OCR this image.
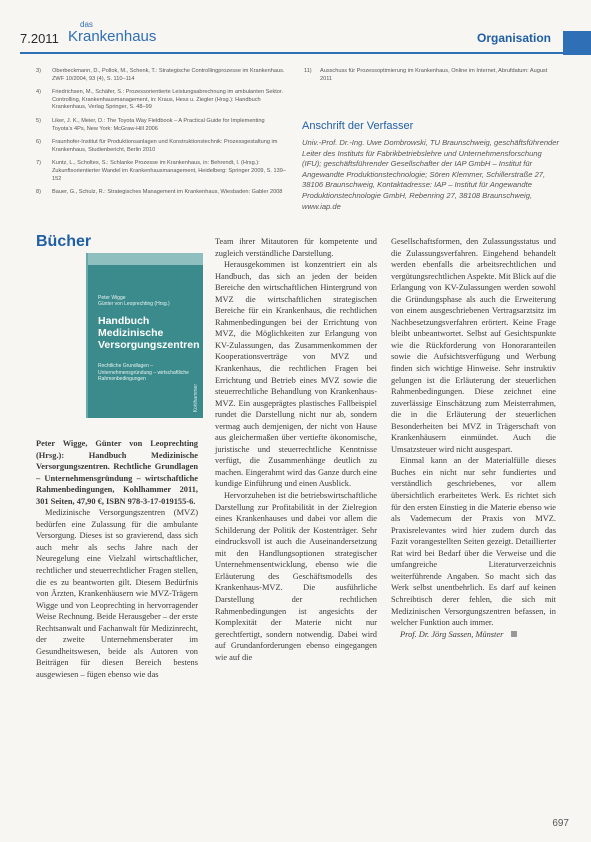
7.2011
das
Krankenhaus	Organisation
3) Oberbeckmann, D., Pollok, M., Schenk, T.: Strategische Controllingprozesse im Krankenhaus. ZWF 10/2004, 93 (4), S. 110–114
4) Friedrichsen, M., Schäfer, S.: Prozessorientierte Leistungsabrechnung im ambulanten Sektor. Controlling, Krankenhausmanagement, in: Kraus, Hess u. Ziegler (Hrsg.): Handbuch Krankenhaus, Verlag Springer, S. 48–99
5) Liker, J. K., Meier, D.: The Toyota Way Fieldbook – A Practical Guide for Implementing Toyota’s 4Ps, New York: McGraw-Hill 2006
6) Fraunhofer-Institut für Produktionsanlagen und Konstruktionstechnik: Prozessgestaltung im Krankenhaus, Studienbericht, Berlin 2010
7) Kuntz, L., Scholtes, S.: Schlanke Prozesse im Krankenhaus, in: Behrendt, I. (Hrsg.): Zukunftsorientierter Wandel im Krankenhausmanagement, Heidelberg: Springer 2009, S. 139–152
8) Bauer, G., Schulz, R.: Strategisches Management im Krankenhaus, Wiesbaden: Gabler 2008
11) Ausschuss für Prozessoptimierung im Krankenhaus, Online im Internet, Abrufdatum: August 2011
Anschrift der Verfasser
Univ.-Prof. Dr.-Ing. Uwe Dombrowski, TU Braunschweig, geschäftsführender Leiter des Instituts für Fabrikbetriebslehre und Unternehmensforschung (IFU); geschäftsführender Gesellschafter der IAP GmbH – Institut für Angewandte Produktionstechnologie; Sören Klemmer, Schillerstraße 27, 38106 Braunschweig, Kontaktadresse: IAP – Institut für Angewandte Produktionstechnologie GmbH, Rebenring 27, 38108 Braunschweig, www.iap.de
Bücher
Peter Wigge
Günter von Leoprechting (Hrsg.)
Handbuch
Medizinische
Versorgungszentren
Rechtliche Grundlagen – Unternehmensgründung – wirtschaftliche Rahmenbedingungen
Kohlhammer

Peter Wigge, Günter von Leoprechting (Hrsg.):	Handbuch Medizinische Versorgungszentren. Rechtliche Grundlagen – Unternehmensgründung – wirtschaftliche Rahmenbedingungen, Kohlhammer 2011, 301 Seiten, 47,90 €, ISBN 978-3-17-019155-6.

Medizinische Versorgungszentren (MVZ) bedürfen eine Zulassung für die ambulante Versorgung. Dieses ist so gravierend, dass sich auch mehr als sechs Jahre nach der Neuregelung eine Vielzahl wirtschaftlicher, rechtlicher und steuerrechtlicher Fragen stellen, die es zu beantworten gilt. Diesem Bedürfnis von Ärzten, Krankenhäusern wie MVZ-Trägern Wigge und von Leoprechting in hervorragender Weise Rechnung. Beide Herausgeber – der erste Rechtsanwalt und Fachanwalt für Medizinrecht, der zweite Unternehmensberater im Gesundheitswesen, beide als Autoren von Beiträgen für diesen Bereich bestens ausgewiesen – fügen ebenso wie das

Team ihrer Mitautoren für kompetente und zugleich verständliche Darstellung.

Herausgekommen ist konzentriert ein als Handbuch, das sich an jeden der beiden Bereiche den wirtschaftlichen Hintergrund von MVZ die wirtschaftlichen strategischen Bereiche für ein Krankenhaus, die rechtlichen Rahmenbedingungen bei der Errichtung von MVZ, die Möglichkeiten zur Erlangung von KV-Zulassungen, das Zusammenkommen der Kooperationsverträge von MVZ und Krankenhaus, die rechtlichen Fragen bei Errichtung und Betrieb eines MVZ sowie die steuerrechtliche Behandlung von Krankenhaus-MVZ. Ein ausgeprägtes plastisches Fallbeispiel rundet die Darstellung nicht nur ab, sondern vermag auch demjenigen, der nicht von Hause aus gleichermaßen über vertiefte ökonomische, juristische und steuerrechtliche Kenntnisse verfügt, die Zusammenhänge deutlich zu machen. Eingerahmt wird das Ganze durch eine kundige Einführung und einen Ausblick.

Hervorzuheben ist die betriebswirtschaftliche Darstellung zur Profitabilität in der Zielregion eines Krankenhauses und dabei vor allem die Schilderung der Politik der Kostenträger. Sehr eindrucksvoll ist auch die Auseinandersetzung mit den Handlungsoptionen strategischer Unternehmensentwicklung, ebenso wie die Erläuterung des Geschäftsmodells des Krankenhaus-MVZ. Die ausführliche Darstellung der rechtlichen Rahmenbedingungen ist angesichts der Komplexität der Materie nicht nur gerechtfertigt, sondern notwendig. Dabei wird auf Grundanforderungen ebenso eingegangen wie auf die

Gesellschaftsformen, den Zulassungsstatus und die Zulassungsverfahren. Eingehend behandelt werden ebenfalls die arbeitsrechtlichen und vergütungsrechtlichen Aspekte. Mit Blick auf die Erlangung von KV-Zulassungen werden sowohl die Gründungsphase als auch die Erweiterung von einem ausgeschriebenen Vertragsarztsitz im Nachbesetzungsverfahren erörtert. Keine Frage bleibt unbeantwortet. Selbst auf Gesichtspunkte wie die Rückforderung von Honoraranteilen sowie die Aufsichtsverfügung und Werbung finden sich wichtige Hinweise. Sehr instruktiv gelungen ist die Erläuterung der steuerlichen Rahmenbedingungen. Diese zeichnet eine zuverlässige Einschätzung zum Meisterrahmen, die in die Erläuterung der steuerlichen Besonderheiten bei MVZ in Trägerschaft von Krankenhäusern einmündet. Auch die Umsatzsteuer wird nicht ausgespart.

Einmal kann an der Materialfülle dieses Buches ein nicht nur sehr fundiertes und verständlich geschriebenes, vor allem übersichtlich erarbeitetes Werk. Es richtet sich für den ersten Einstieg in die Materie ebenso wie als Vademecum der Praxis von MVZ. Praxisrelevantes wird hier zudem durch das Fazit vorangestellten Seiten gezeigt. Detaillierter Rat wird bei Bedarf über die Verweise und die umfangreiche Literaturverzeichnis weiterführende Angaben. So macht sich das Werk selbst unentbehrlich. Es darf auf keinen Schreibtisch derer fehlen, die sich mit Medizinischen Versorgungszentren befassen, in welcher Funktion auch immer.

Prof. Dr. Jörg Sassen, Münster

697
